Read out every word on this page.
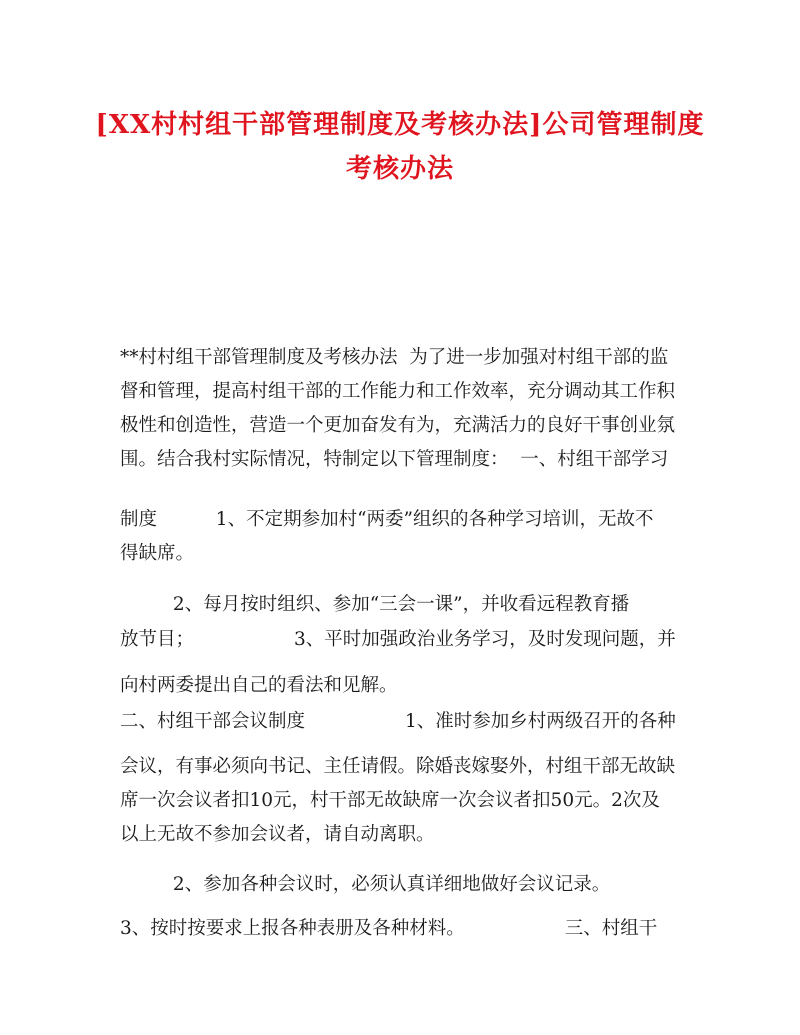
[XX村村组干部管理制度及考核办法]公司管理制度
考核办法
**村村组干部管理制度及考核办法  为了进一步加强对村组干部的监
督和管理，提高村组干部的工作能力和工作效率，充分调动其工作积
极性和创造性，营造一个更加奋发有为，充满活力的良好干事创业氛
围。结合我村实际情况，特制定以下管理制度：  一、村组干部学习
制度          1、不定期参加村“两委”组织的各种学习培训，无故不
得缺席。
2、每月按时组织、参加“三会一课”，并收看远程教育播
放节目；                 3、平时加强政治业务学习，及时发现问题，并
向村两委提出自己的看法和见解。
二、村组干部会议制度                 1、准时参加乡村两级召开的各种
会议，有事必须向书记、主任请假。除婚丧嫁娶外，村组干部无故缺
席一次会议者扣10元，村干部无故缺席一次会议者扣50元。2次及
以上无故不参加会议者，请自动离职。
2、参加各种会议时，必须认真详细地做好会议记录。
3、按时按要求上报各种表册及各种材料。                 三、村组干
